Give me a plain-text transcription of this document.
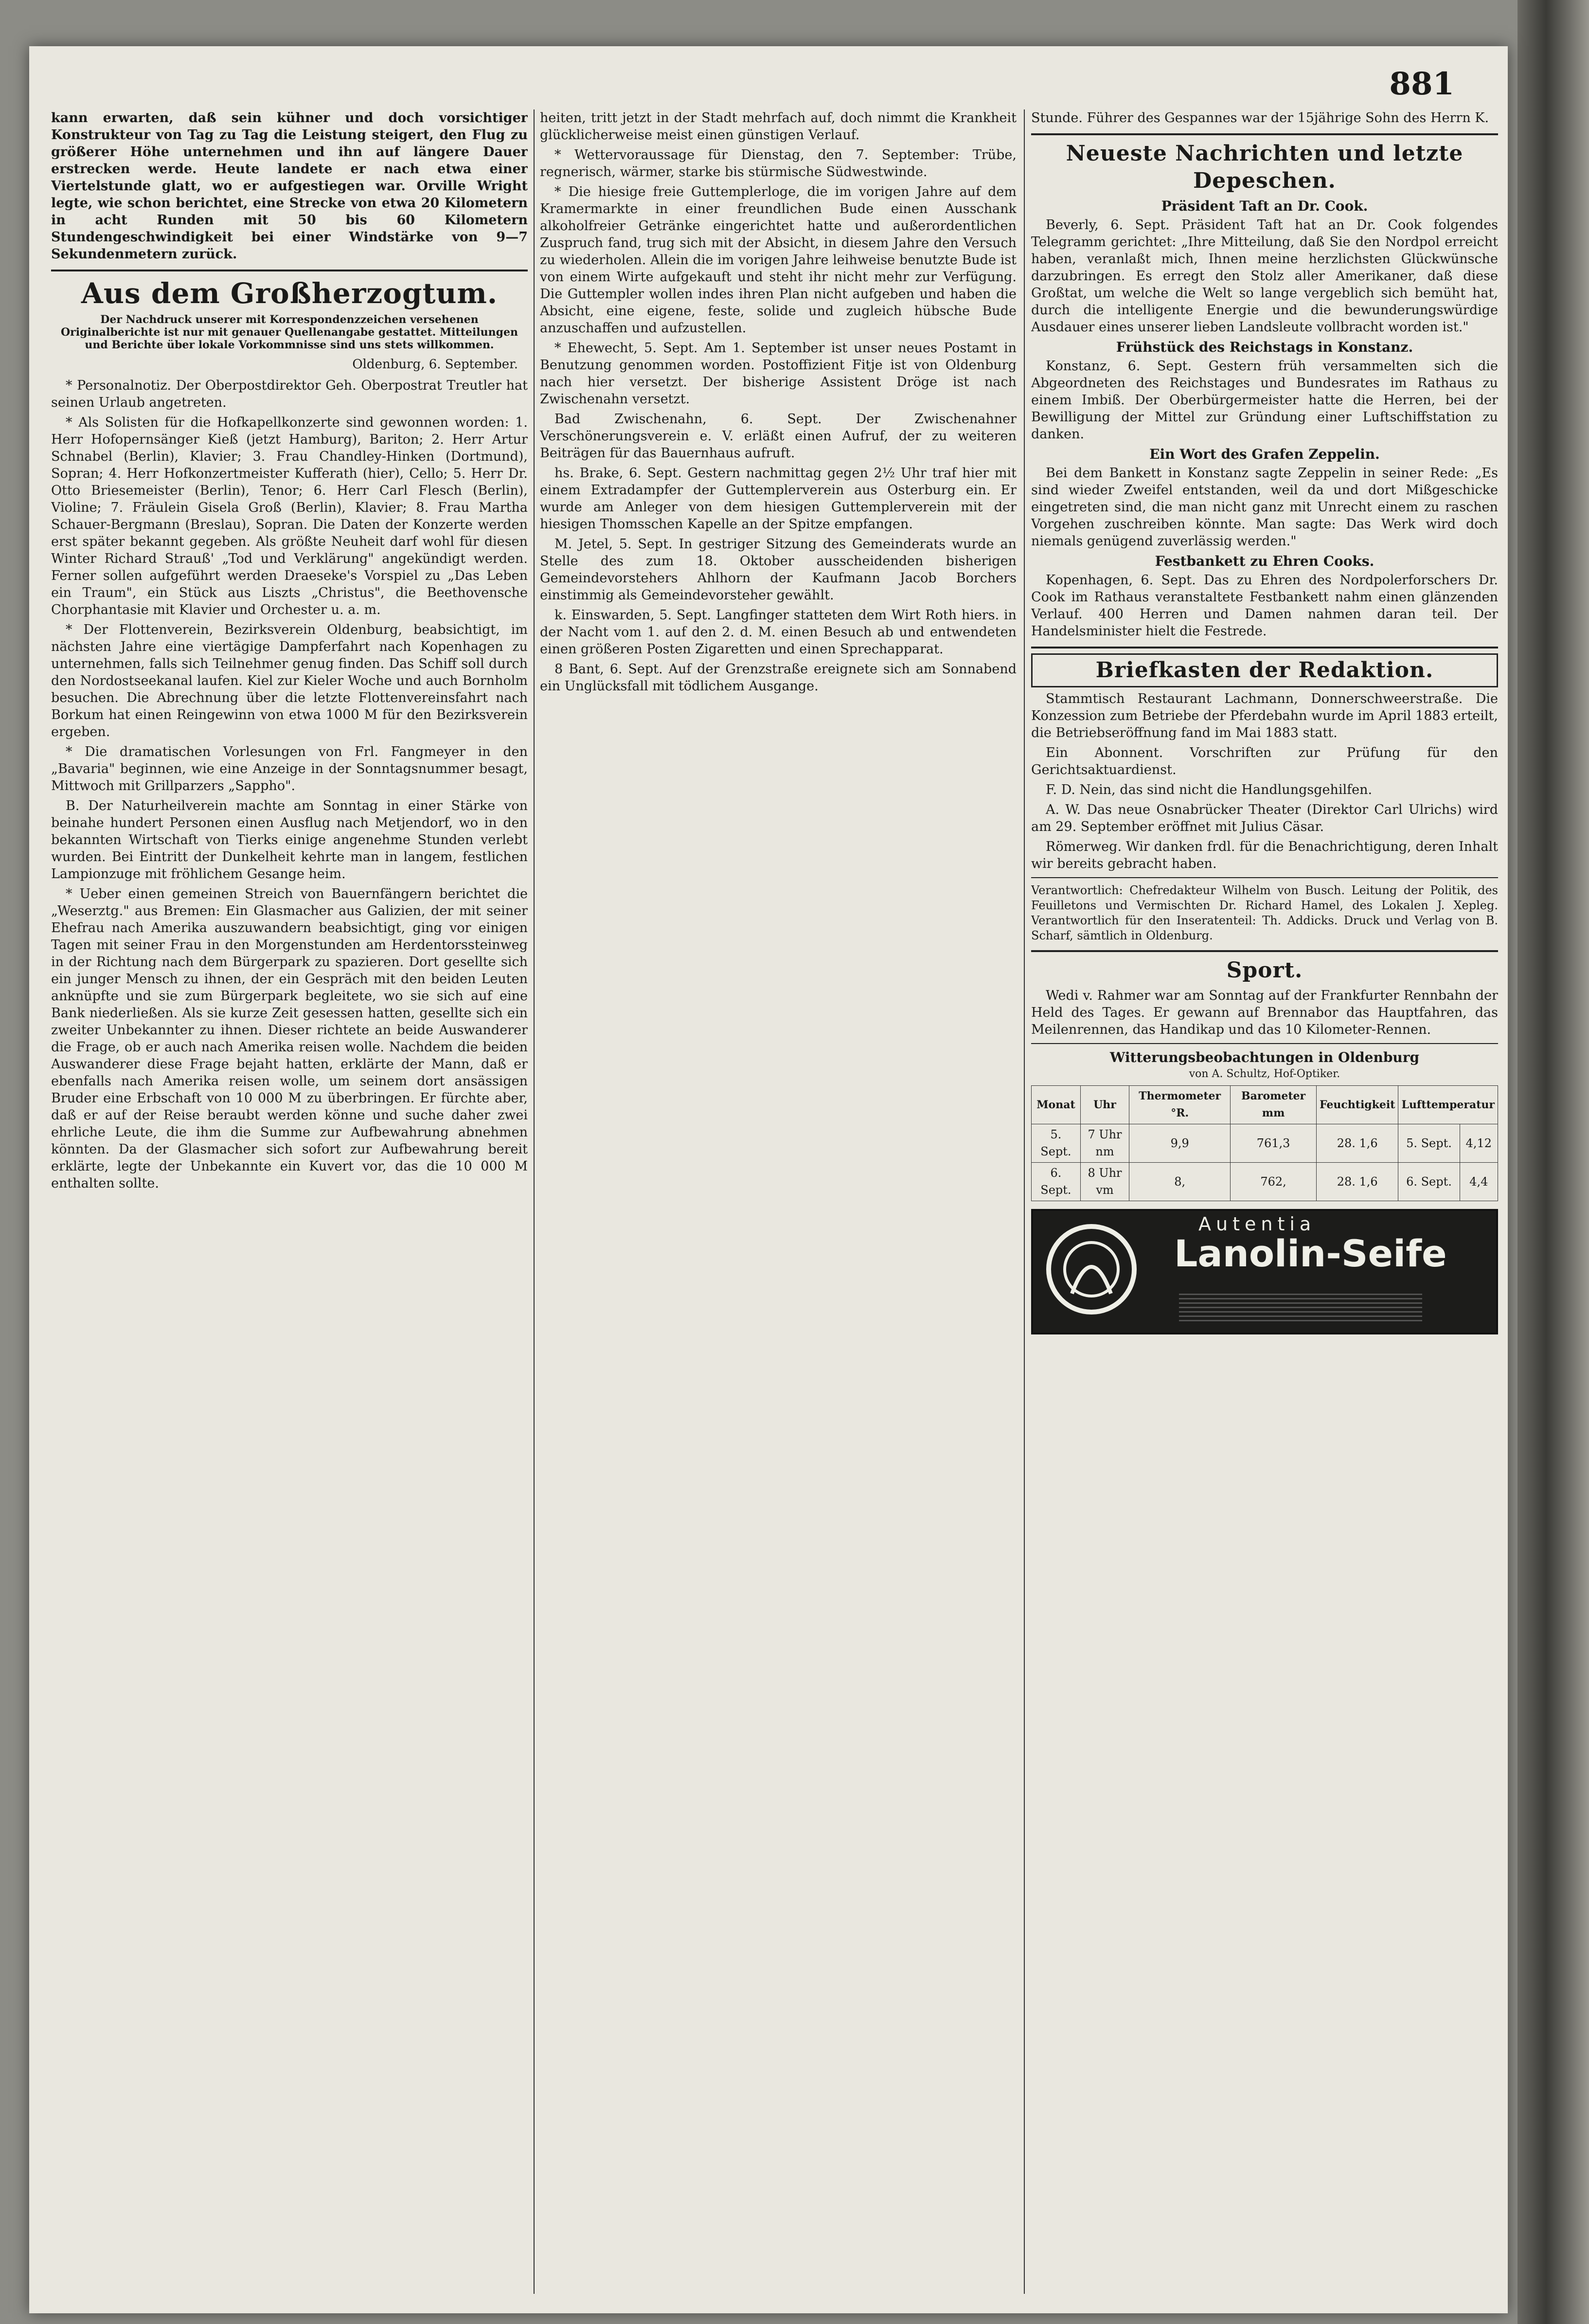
881

kann erwarten, daß sein kühner und doch vorsichtiger Konstrukteur von Tag zu Tag die Leistung steigert, den Flug zu größerer Höhe unternehmen und ihn auf längere Dauer erstrecken werde. Heute landete er nach etwa einer Viertelstunde glatt, wo er aufgestiegen war. Orville Wright legte, wie schon berichtet, eine Strecke von etwa 20 Kilometern in acht Runden mit 50 bis 60 Kilometern Stundengeschwindigkeit bei einer Windstärke von 9—7 Sekundenmetern zurück.

Aus dem Großherzogtum.
Der Nachdruck unserer mit Korrespondenzzeichen versehenen Originalberichte ist nur mit genauer Quellenangabe gestattet. Mitteilungen und Berichte über lokale Vorkommnisse sind uns stets willkommen.
Oldenburg, 6. September.

* Personalnotiz. Der Oberpostdirektor Geh. Oberpostrat Treutler hat seinen Urlaub angetreten.

* Als Solisten für die Hofkapellkonzerte sind gewonnen worden: 1. Herr Hofopernsänger Kieß (jetzt Hamburg), Bariton; 2. Herr Artur Schnabel (Berlin), Klavier; 3. Frau Chandley-Hinken (Dortmund), Sopran; 4. Herr Hofkonzertmeister Kufferath (hier), Cello; 5. Herr Dr. Otto Briesemeister (Berlin), Tenor; 6. Herr Carl Flesch (Berlin), Violine; 7. Fräulein Gisela Groß (Berlin), Klavier; 8. Frau Martha Schauer-Bergmann (Breslau), Sopran. Die Daten der Konzerte werden erst später bekannt gegeben. Als größte Neuheit darf wohl für diesen Winter Richard Strauß' „Tod und Verklärung" angekündigt werden. Ferner sollen aufgeführt werden Draeseke's Vorspiel zu „Das Leben ein Traum", ein Stück aus Liszts „Christus", die Beethovensche Chorphantasie mit Klavier und Orchester u. a. m.

* Der Flottenverein, Bezirksverein Oldenburg, beabsichtigt, im nächsten Jahre eine viertägige Dampferfahrt nach Kopenhagen zu unternehmen, falls sich Teilnehmer genug finden. Das Schiff soll durch den Nordostseekanal laufen. Kiel zur Kieler Woche und auch Bornholm besuchen. Die Abrechnung über die letzte Flottenvereinsfahrt nach Borkum hat einen Reingewinn von etwa 1000 M für den Bezirksverein ergeben.

* Die dramatischen Vorlesungen von Frl. Fangmeyer in den „Bavaria" beginnen, wie eine Anzeige in der Sonntagsnummer besagt, Mittwoch mit Grillparzers „Sappho".

B. Der Naturheilverein machte am Sonntag in einer Stärke von beinahe hundert Personen einen Ausflug nach Metjendorf, wo in den bekannten Wirtschaft von Tierks einige angenehme Stunden verlebt wurden. Bei Eintritt der Dunkelheit kehrte man in langem, festlichen Lampionzuge mit fröhlichem Gesange heim.

* Ueber einen gemeinen Streich von Bauernfängern berichtet die „Weserztg." aus Bremen: Ein Glasmacher aus Galizien, der mit seiner Ehefrau nach Amerika auszuwandern beabsichtigt, ging vor einigen Tagen mit seiner Frau in den Morgenstunden am Herdentorssteinweg in der Richtung nach dem Bürgerpark zu spazieren. Dort gesellte sich ein junger Mensch zu ihnen, der ein Gespräch mit den beiden Leuten anknüpfte und sie zum Bürgerpark begleitete, wo sie sich auf eine Bank niederließen. Als sie kurze Zeit gesessen hatten, gesellte sich ein zweiter Unbekannter zu ihnen. Dieser richtete an beide Auswanderer die Frage, ob er auch nach Amerika reisen wolle. Nachdem die beiden Auswanderer diese Frage bejaht hatten, erklärte der Mann, daß er ebenfalls nach Amerika reisen wolle, um seinem dort ansässigen Bruder eine Erbschaft von 10 000 M zu überbringen. Er fürchte aber, daß er auf der Reise beraubt werden könne und suche daher zwei ehrliche Leute, die ihm die Summe zur Aufbewahrung abnehmen könnten. Da der Glasmacher sich sofort zur Aufbewahrung bereit erklärte, legte der Unbekannte ein Kuvert vor, das die 10 000 M enthalten sollte.

heiten, tritt jetzt in der Stadt mehrfach auf, doch nimmt die Krankheit glücklicherweise meist einen günstigen Verlauf.

* Wettervoraussage für Dienstag, den 7. September: Trübe, regnerisch, wärmer, starke bis stürmische Südwestwinde.

* Die hiesige freie Guttemplerloge, die im vorigen Jahre auf dem Kramermarkte in einer freundlichen Bude einen Ausschank alkoholfreier Getränke eingerichtet hatte und außerordentlichen Zuspruch fand, trug sich mit der Absicht, in diesem Jahre den Versuch zu wiederholen. Allein die im vorigen Jahre leihweise benutzte Bude ist von einem Wirte aufgekauft und steht ihr nicht mehr zur Verfügung. Die Guttempler wollen indes ihren Plan nicht aufgeben und haben die Absicht, eine eigene, feste, solide und zugleich hübsche Bude anzuschaffen und aufzustellen.

* Ehewecht, 5. Sept. Am 1. September ist unser neues Postamt in Benutzung genommen worden. Postoffizient Fitje ist von Oldenburg nach hier versetzt. Der bisherige Assistent Dröge ist nach Zwischenahn versetzt.

Bad Zwischenahn, 6. Sept. Der Zwischenahner Verschönerungsverein e. V. erläßt einen Aufruf, der zu weiteren Beiträgen für das Bauernhaus aufruft.

hs. Brake, 6. Sept. Gestern nachmittag gegen 2½ Uhr traf hier mit einem Extradampfer der Guttemplerverein aus Osterburg ein. Er wurde am Anleger von dem hiesigen Guttemplerverein mit der hiesigen Thomsschen Kapelle an der Spitze empfangen.

M. Jetel, 5. Sept. In gestriger Sitzung des Gemeinderats wurde an Stelle des zum 18. Oktober ausscheidenden bisherigen Gemeindevorstehers Ahlhorn der Kaufmann Jacob Borchers einstimmig als Gemeindevorsteher gewählt.

k. Einswarden, 5. Sept. Langfinger statteten dem Wirt Roth hiers. in der Nacht vom 1. auf den 2. d. M. einen Besuch ab und entwendeten einen größeren Posten Zigaretten und einen Sprechapparat.

8 Bant, 6. Sept. Auf der Grenzstraße ereignete sich am Sonnabend ein Unglücksfall mit tödlichem Ausgange.

Stunde. Führer des Gespannes war der 15jährige Sohn des Herrn K.

Neueste Nachrichten und letzte Depeschen.
Präsident Taft an Dr. Cook.

Beverly, 6. Sept. Präsident Taft hat an Dr. Cook folgendes Telegramm gerichtet: „Ihre Mitteilung, daß Sie den Nordpol erreicht haben, veranlaßt mich, Ihnen meine herzlichsten Glückwünsche darzubringen. Es erregt den Stolz aller Amerikaner, daß diese Großtat, um welche die Welt so lange vergeblich sich bemüht hat, durch die intelligente Energie und die bewunderungswürdige Ausdauer eines unserer lieben Landsleute vollbracht worden ist."

Frühstück des Reichstags in Konstanz.

Konstanz, 6. Sept. Gestern früh versammelten sich die Abgeordneten des Reichstages und Bundesrates im Rathaus zu einem Imbiß. Der Oberbürgermeister hatte die Herren, bei der Bewilligung der Mittel zur Gründung einer Luftschiffstation zu danken.

Ein Wort des Grafen Zeppelin.

Bei dem Bankett in Konstanz sagte Zeppelin in seiner Rede: „Es sind wieder Zweifel entstanden, weil da und dort Mißgeschicke eingetreten sind, die man nicht ganz mit Unrecht einem zu raschen Vorgehen zuschreiben könnte. Man sagte: Das Werk wird doch niemals genügend zuverlässig werden."

Festbankett zu Ehren Cooks.

Kopenhagen, 6. Sept. Das zu Ehren des Nordpolerforschers Dr. Cook im Rathaus veranstaltete Festbankett nahm einen glänzenden Verlauf. 400 Herren und Damen nahmen daran teil. Der Handelsminister hielt die Festrede.

Briefkasten der Redaktion.

Stammtisch Restaurant Lachmann, Donnerschweerstraße. Die Konzession zum Betriebe der Pferdebahn wurde im April 1883 erteilt, die Betriebseröffnung fand im Mai 1883 statt.

Ein Abonnent. Vorschriften zur Prüfung für den Gerichtsaktuardienst.

F. D. Nein, das sind nicht die Handlungsgehilfen.

A. W. Das neue Osnabrücker Theater (Direktor Carl Ulrichs) wird am 29. September eröffnet mit Julius Cäsar.

Römerweg. Wir danken frdl. für die Benachrichtigung, deren Inhalt wir bereits gebracht haben.

Verantwortlich: Chefredakteur Wilhelm von Busch. Leitung der Politik, des Feuilletons und Vermischten Dr. Richard Hamel, des Lokalen J. Xepleg. Verantwortlich für den Inseratenteil: Th. Addicks. Druck und Verlag von B. Scharf, sämtlich in Oldenburg.

Sport.

Wedi v. Rahmer war am Sonntag auf der Frankfurter Rennbahn der Held des Tages. Er gewann auf Brennabor das Hauptfahren, das Meilenrennen, das Handikap und das 10 Kilometer-Rennen.

Witterungsbeobachtungen in Oldenburg
von A. Schultz, Hof-Optiker.
Monat	Uhr	Thermometer °R.	Barometer mm	Feuchtigkeit	Lufttemperatur	
5. Sept.	7 Uhr nm	9,9	761,3	28. 1,6	5. Sept.	4,12
6. Sept.	8 Uhr vm	8,	762,	28. 1,6	6. Sept.	4,4
Autentia
Lanolin-Seife
